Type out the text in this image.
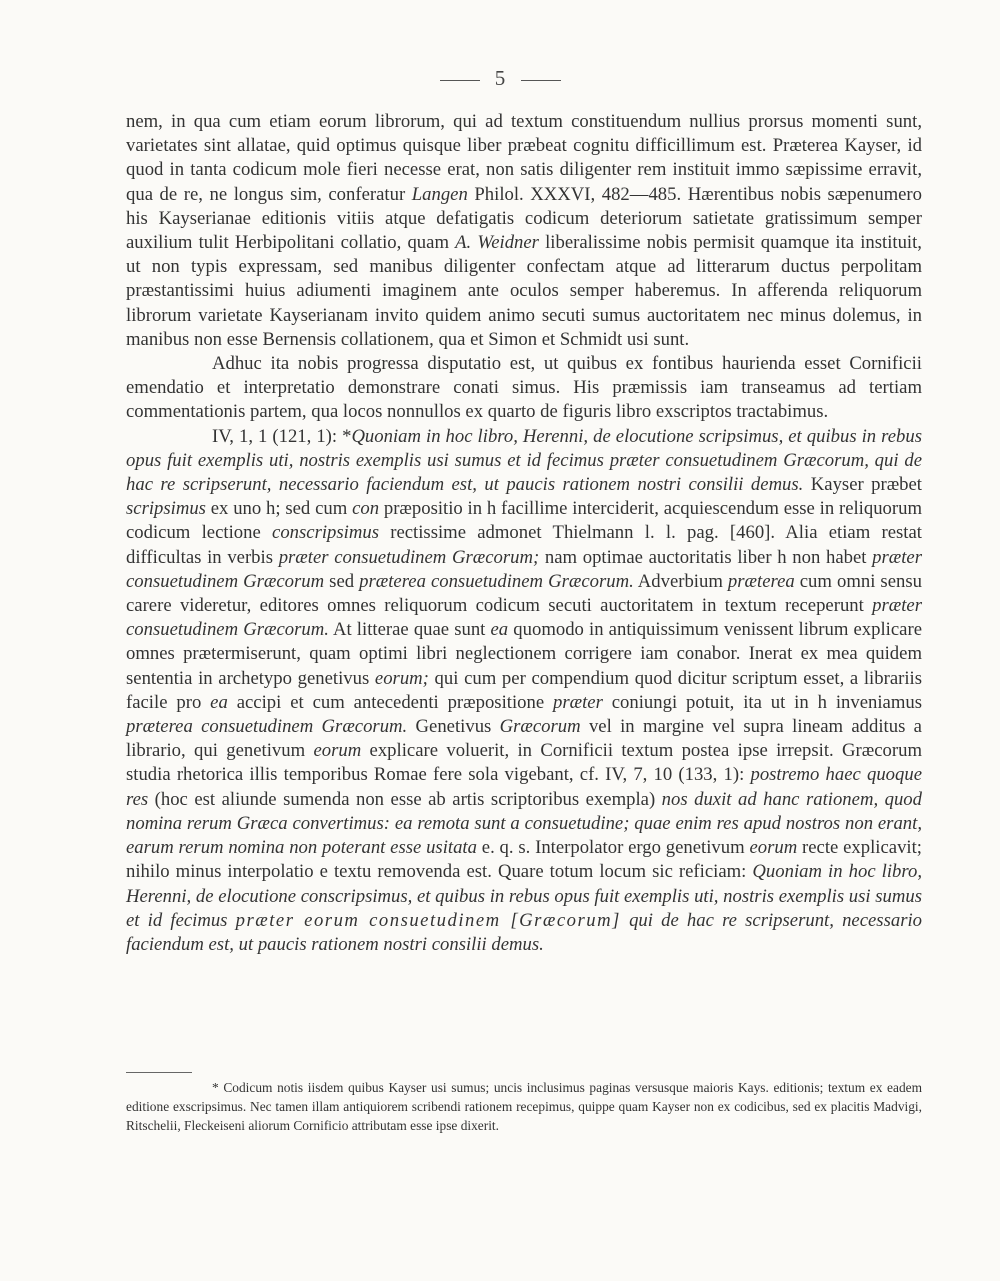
5

nem, in qua cum etiam eorum librorum, qui ad textum constituendum nullius prorsus momenti sunt, varietates sint allatae, quid optimus quisque liber præbeat cognitu difficillimum est. Præterea Kayser, id quod in tanta codicum mole fieri necesse erat, non satis diligenter rem instituit immo sæpissime erravit, qua de re, ne longus sim, conferatur Langen Philol. XXXVI, 482—485. Hærentibus nobis sæpenumero his Kayserianae editionis vitiis atque defatigatis codicum deteriorum satietate gratissimum semper auxilium tulit Herbipolitani collatio, quam A. Weidner liberalissime nobis permisit quamque ita instituit, ut non typis expressam, sed manibus diligenter confectam atque ad litterarum ductus perpolitam præstantissimi huius adiumenti imaginem ante oculos semper haberemus. In afferenda reliquorum librorum varietate Kayserianam invito quidem animo secuti sumus auctoritatem nec minus dolemus, in manibus non esse Bernensis collationem, qua et Simon et Schmidt usi sunt.

Adhuc ita nobis progressa disputatio est, ut quibus ex fontibus haurienda esset Cornificii emendatio et interpretatio demonstrare conati simus. His præmissis iam transeamus ad tertiam commentationis partem, qua locos nonnullos ex quarto de figuris libro exscriptos tractabimus.

IV, 1, 1 (121, 1): *Quoniam in hoc libro, Herenni, de elocutione scripsimus, et quibus in rebus opus fuit exemplis uti, nostris exemplis usi sumus et id fecimus præter consuetudinem Græcorum, qui de hac re scripserunt, necessario faciendum est, ut paucis rationem nostri consilii demus. Kayser præbet scripsimus ex uno h; sed cum con præpositio in h facillime interciderit, acquiescendum esse in reliquorum codicum lectione conscripsimus rectissime admonet Thielmann l. l. pag. [460]. Alia etiam restat difficultas in verbis præter consuetudinem Græcorum; nam optimae auctoritatis liber h non habet præter consuetudinem Græcorum sed præterea consuetudinem Græcorum. Adverbium præterea cum omni sensu carere videretur, editores omnes reliquorum codicum secuti auctoritatem in textum receperunt præter consuetudinem Græcorum. At litterae quae sunt ea quomodo in antiquissimum venissent librum explicare omnes prætermiserunt, quam optimi libri neglectionem corrigere iam conabor. Inerat ex mea quidem sententia in archetypo genetivus eorum; qui cum per compendium quod dicitur scriptum esset, a librariis facile pro ea accipi et cum antecedenti præpositione præter coniungi potuit, ita ut in h inveniamus præterea consuetudinem Græcorum. Genetivus Græcorum vel in margine vel supra lineam additus a librario, qui genetivum eorum explicare voluerit, in Cornificii textum postea ipse irrepsit. Græcorum studia rhetorica illis temporibus Romae fere sola vigebant, cf. IV, 7, 10 (133, 1): postremo haec quoque res (hoc est aliunde sumenda non esse ab artis scriptoribus exempla) nos duxit ad hanc rationem, quod nomina rerum Græca convertimus: ea remota sunt a consuetudine; quae enim res apud nostros non erant, earum rerum nomina non poterant esse usitata e. q. s. Interpolator ergo genetivum eorum recte explicavit; nihilo minus interpolatio e textu removenda est. Quare totum locum sic reficiam: Quoniam in hoc libro, Herenni, de elocutione conscripsimus, et quibus in rebus opus fuit exemplis uti, nostris exemplis usi sumus et id fecimus præter eorum consuetudinem [Græcorum] qui de hac re scripserunt, necessario faciendum est, ut paucis rationem nostri consilii demus.

* Codicum notis iisdem quibus Kayser usi sumus; uncis inclusimus paginas versusque maioris Kays. editionis; textum ex eadem editione exscripsimus. Nec tamen illam antiquiorem scribendi rationem recepimus, quippe quam Kayser non ex codicibus, sed ex placitis Madvigi, Ritschelii, Fleckeiseni aliorum Cornificio attributam esse ipse dixerit.
